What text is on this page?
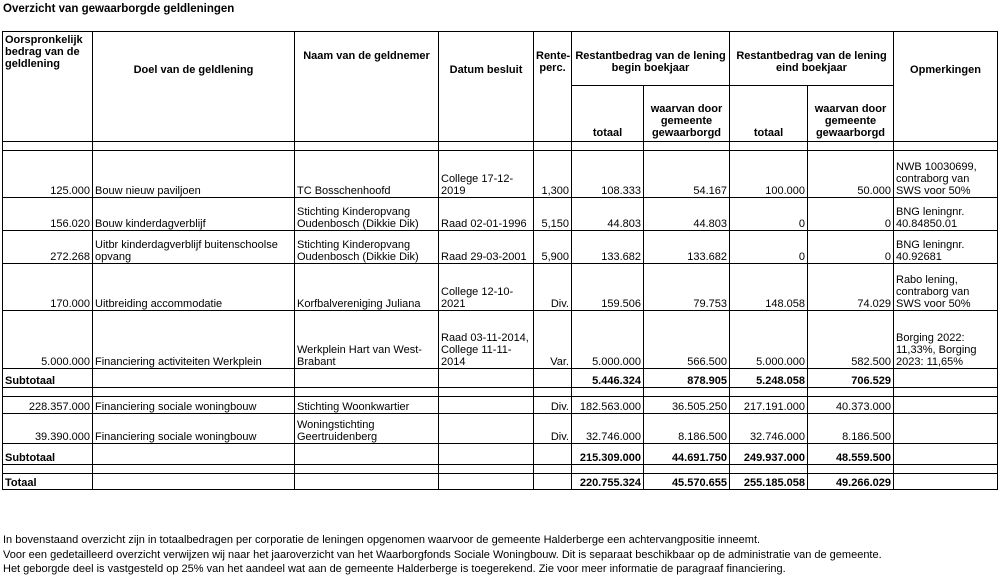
Overzicht van gewaarborgde geldleningen
Oorspronkelijk bedrag van de geldlening	Doel van de geldlening	Naam van de geldnemer	Datum besluit	Rente-perc.	Restantbedrag van de lening begin boekjaar		Restantbedrag van de lening eind boekjaar		Opmerkingen
					totaal	waarvan door gemeente gewaarborgd	totaal	waarvan door gemeente gewaarborgd	

125.000	Bouw nieuw paviljoen	TC Bosschenhoofd	College 17-12-2019	1,300	108.333	54.167	100.000	50.000	NWB 10030699, contraborg van SWS voor 50%
156.020	Bouw kinderdagverblijf	Stichting Kinderopvang Oudenbosch (Dikkie Dik)	Raad 02-01-1996	5,150	44.803	44.803	0	0	BNG leningnr. 40.84850.01
272.268	Uitbr kinderdagverblijf buitenschoolse opvang	Stichting Kinderopvang Oudenbosch (Dikkie Dik)	Raad 29-03-2001	5,900	133.682	133.682	0	0	BNG leningnr. 40.92681
170.000	Uitbreiding accommodatie	Korfbalvereniging Juliana	College 12-10-2021	Div.	159.506	79.753	148.058	74.029	Rabo lening, contraborg van SWS voor 50%
5.000.000	Financiering activiteiten Werkplein	Werkplein Hart van West-Brabant	Raad 03-11-2014, College 11-11-2014	Var.	5.000.000	566.500	5.000.000	582.500	Borging 2022: 11,33%, Borging 2023: 11,65%
Subtotaal					5.446.324	878.905	5.248.058	706.529	

228.357.000	Financiering sociale woningbouw	Stichting Woonkwartier		Div.	182.563.000	36.505.250	217.191.000	40.373.000	
39.390.000	Financiering sociale woningbouw	Woningstichting Geertruidenberg		Div.	32.746.000	8.186.500	32.746.000	8.186.500	
Subtotaal					215.309.000	44.691.750	249.937.000	48.559.500	

Totaal					220.755.324	45.570.655	255.185.058	49.266.029	
In bovenstaand overzicht zijn in totaalbedragen per corporatie de leningen opgenomen waarvoor de gemeente Halderberge een achtervangpositie inneemt.
Voor een gedetailleerd overzicht verwijzen wij naar het jaaroverzicht van het Waarborgfonds Sociale Woningbouw. Dit is separaat beschikbaar op de administratie van de gemeente.
Het geborgde deel is vastgesteld op 25% van het aandeel wat aan de gemeente Halderberge is toegerekend. Zie voor meer informatie de paragraaf financiering.
